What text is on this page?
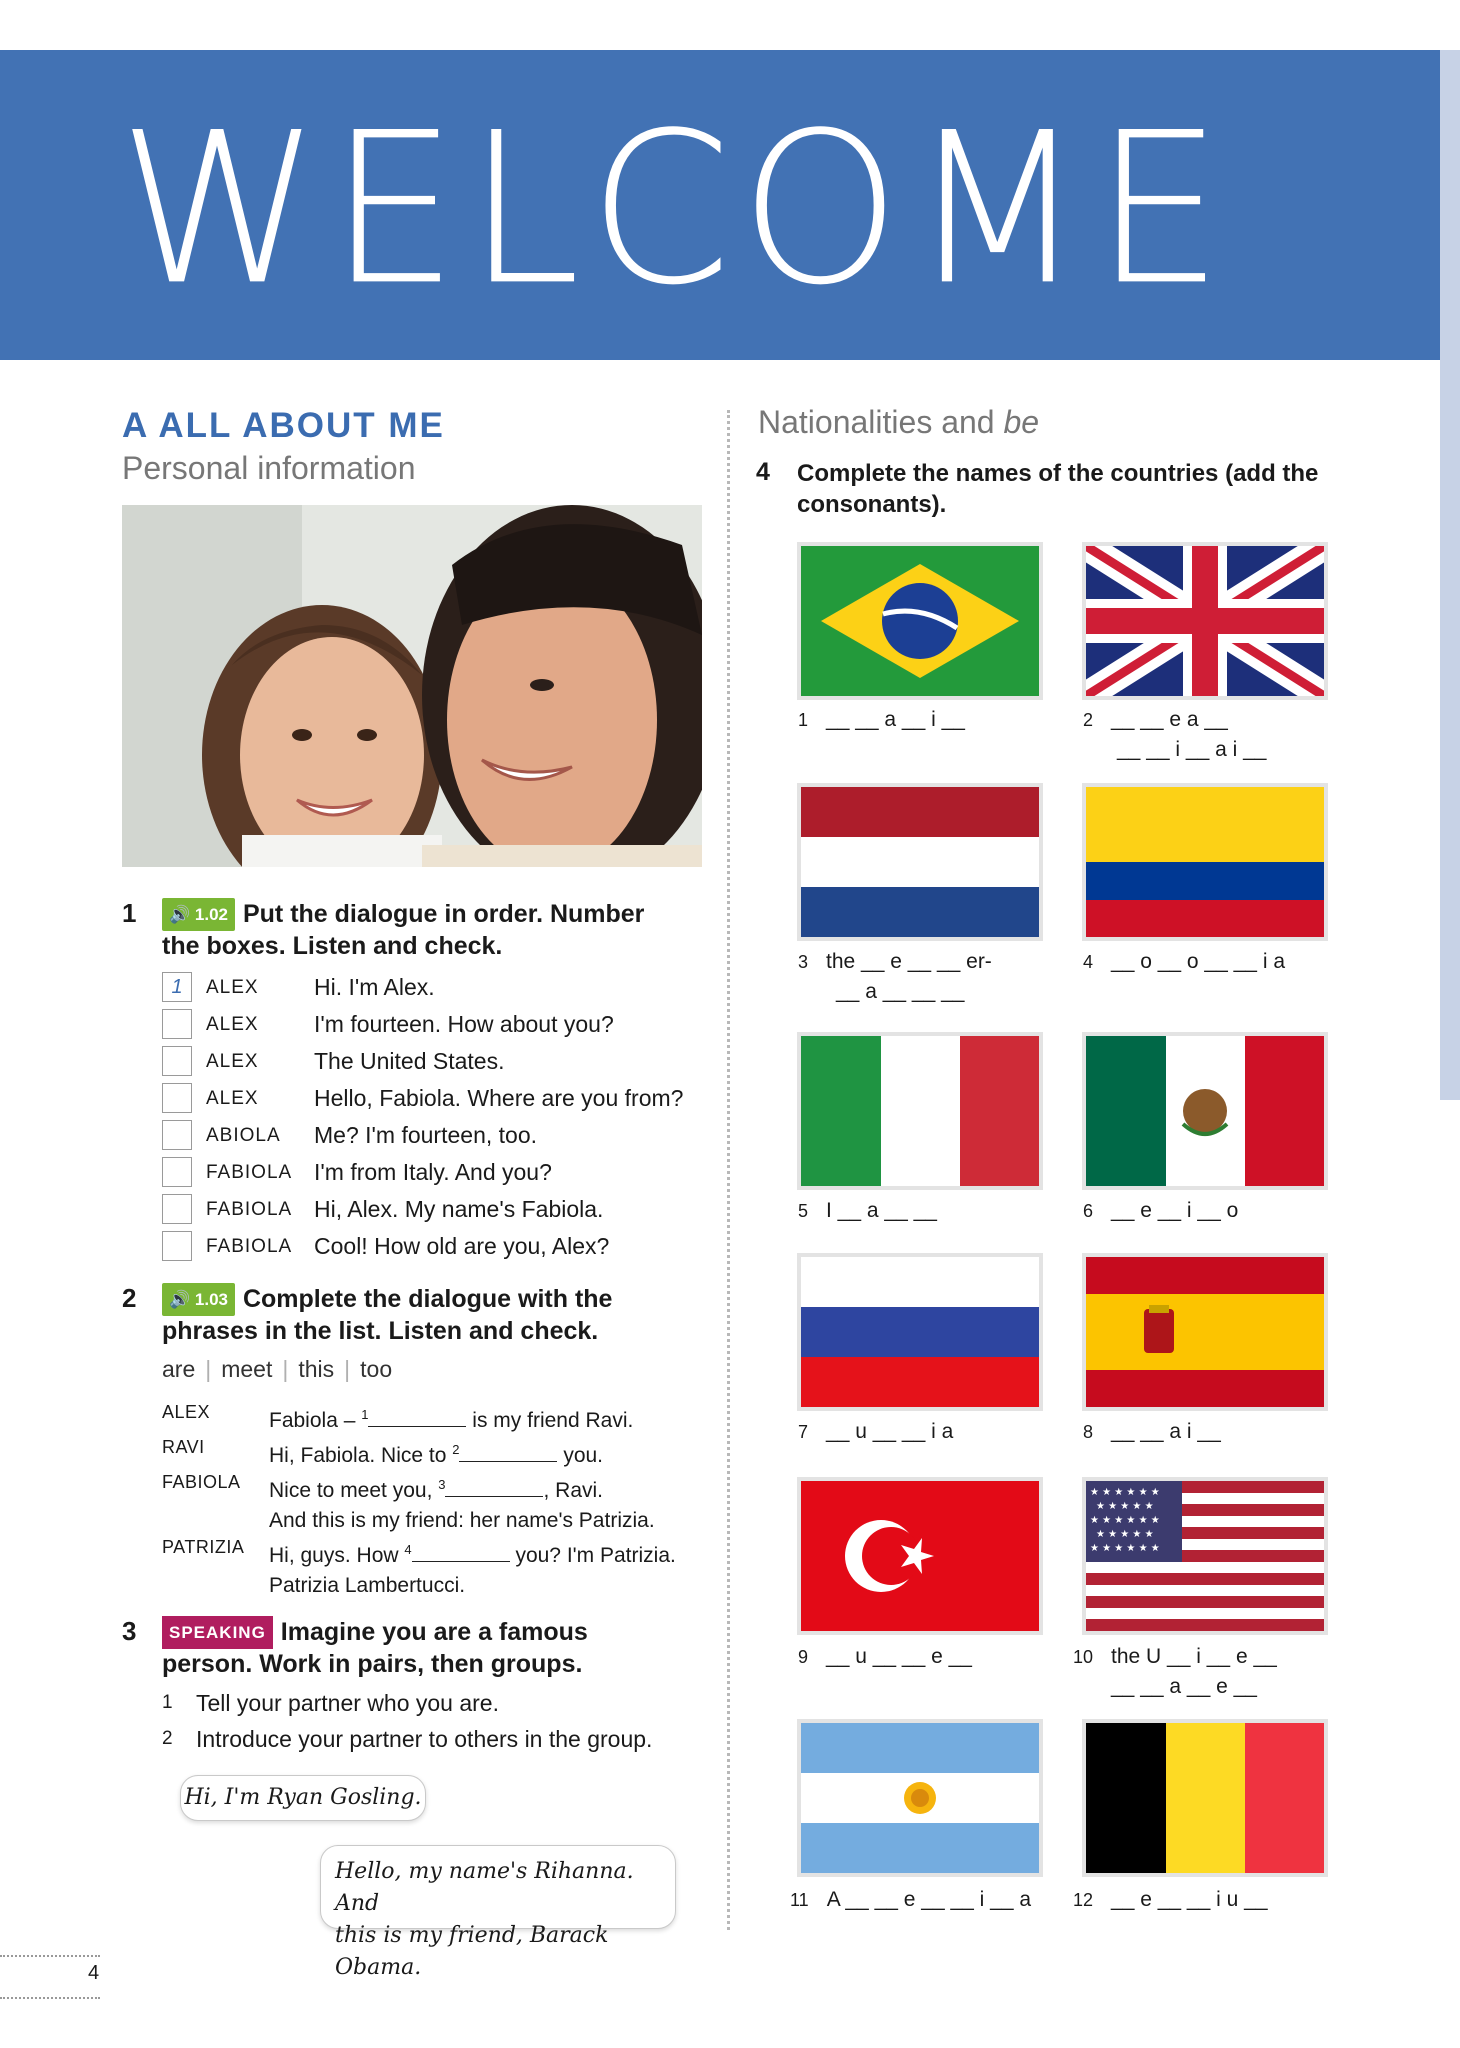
WELCOME
A ALL ABOUT ME
Personal information
1	🔊 1.02 Put the dialogue in order. Number the boxes. Listen and check.
1	ALEX Hi. I'm Alex.
ALEX I'm fourteen. How about you?
ALEX The United States.
ALEX Hello, Fabiola. Where are you from?
ABIOLA Me? I'm fourteen, too.
FABIOLA I'm from Italy. And you?
FABIOLA Hi, Alex. My name's Fabiola.
FABIOLA Cool! How old are you, Alex?
2	🔊 1.03 Complete the dialogue with the phrases in the list. Listen and check.
are | meet | this | too
ALEX	Fabiola – $^1$	is my friend Ravi.
RAVI	Hi, Fabiola. Nice to $^2$	you.
FABIOLA Nice to meet you, $^3$	, Ravi.
And this is my friend: her name's Patrizia.
PATRIZIA Hi, guys. How $^4$	you? I'm Patrizia.
Patrizia Lambertucci.
3	SPEAKING Imagine you are a famous person. Work in pairs, then groups.
1 Tell your partner who you are.
2 Introduce your partner to others in the group.
Hi, I'm Ryan Gosling.
Hello, my name's Rihanna. And
this is my friend, Barack Obama.
Nationalities and be
4 Complete the names of the countries (add the consonants).
1 __ __ a __ i __	2 __ __ e a __
__ __ i __ a i __
3 the __ e __ __ er-
__ a __ __ __
4 __ o __ o __ __ i a
5 I __ a __ __	6 __ e __ i __ o
7 __ u __ __ i a	8 __ __ a i __
★ ★ ★ ★ ★ ★
★ ★ ★ ★ ★
★ ★ ★ ★ ★ ★
★ ★ ★ ★ ★
★ ★ ★ ★ ★ ★
9 __ u __ __ e __	10 the U __ i __ e __
__ __ a __ e __
11 A __ __ e __ __ i __ a 12 __ e __ __ i u __
4
